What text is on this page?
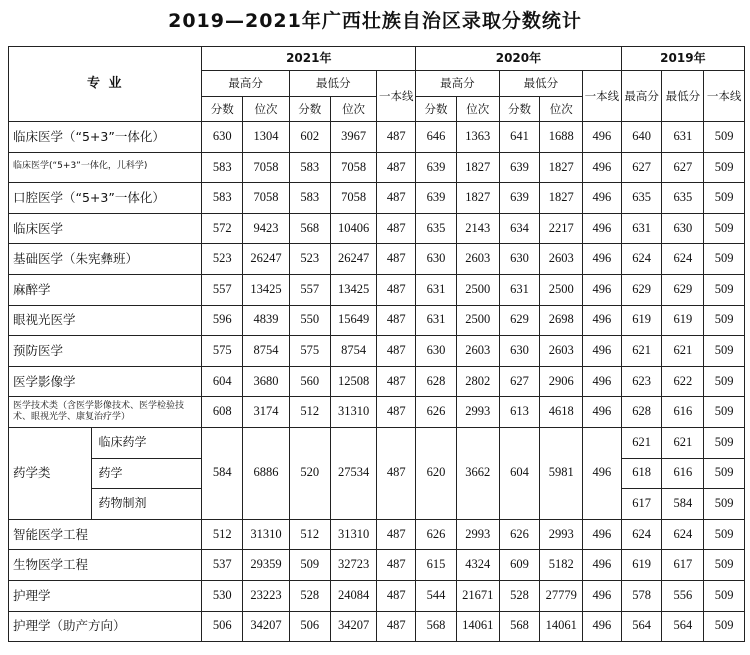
2019—2021年广西壮族自治区录取分数统计
专 业		2021年					2020年					2019年		
		最高分		最低分		一本线	最高分		最低分		一本线	最高分	最低分	一本线
		分数	位次	分数	位次		分数	位次	分数	位次				
临床医学（“5+3”一体化）		630	1304	602	3967	487	646	1363	641	1688	496	640	631	509
临床医学(“5+3”一体化，儿科学)		583	7058	583	7058	487	639	1827	639	1827	496	627	627	509
口腔医学（“5+3”一体化）		583	7058	583	7058	487	639	1827	639	1827	496	635	635	509
临床医学		572	9423	568	10406	487	635	2143	634	2217	496	631	630	509
基础医学（朱宪彝班）		523	26247	523	26247	487	630	2603	630	2603	496	624	624	509
麻醉学		557	13425	557	13425	487	631	2500	631	2500	496	629	629	509
眼视光医学		596	4839	550	15649	487	631	2500	629	2698	496	619	619	509
预防医学		575	8754	575	8754	487	630	2603	630	2603	496	621	621	509
医学影像学		604	3680	560	12508	487	628	2802	627	2906	496	623	622	509
医学技术类（含医学影像技术、医学检验技术、眼视光学、康复治疗学）		608	3174	512	31310	487	626	2993	613	4618	496	628	616	509
药学类	临床药学	584	6886	520	27534	487	620	3662	604	5981	496	621	621	509
	药学											618	616	509
	药物制剂											617	584	509
智能医学工程		512	31310	512	31310	487	626	2993	626	2993	496	624	624	509
生物医学工程		537	29359	509	32723	487	615	4324	609	5182	496	619	617	509
护理学		530	23223	528	24084	487	544	21671	528	27779	496	578	556	509
护理学（助产方向）		506	34207	506	34207	487	568	14061	568	14061	496	564	564	509
